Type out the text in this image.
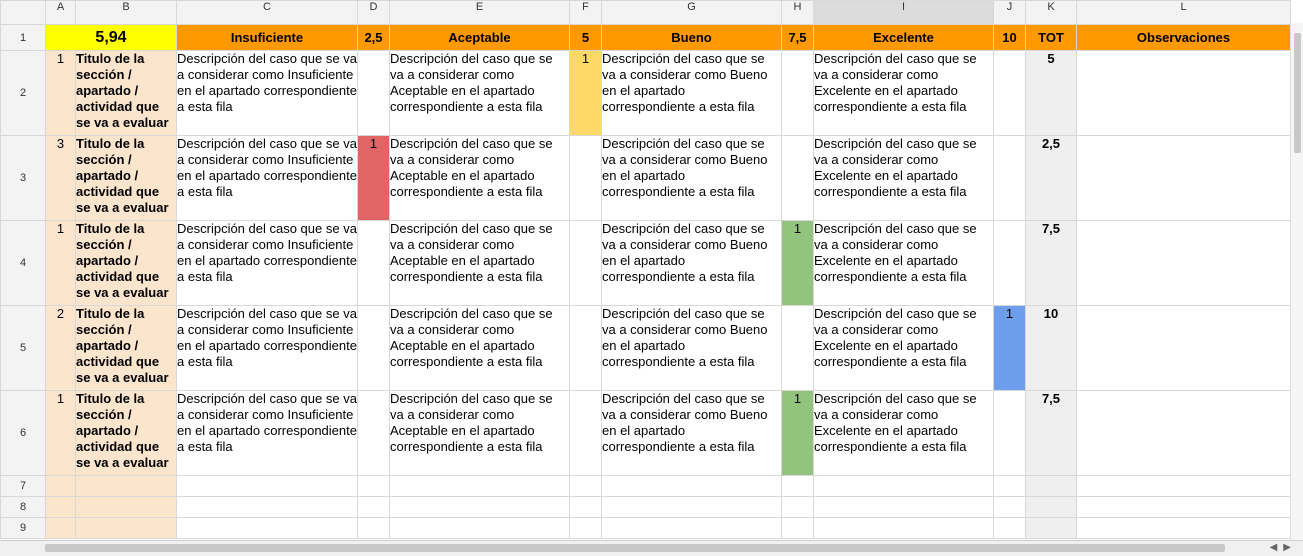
	A	B	C	D	E	F	G	H	I	J	K	L
1	5,94		Insuficiente	2,5	Aceptable	5	Bueno	7,5	Excelente	10	TOT	Observaciones
2	1	Titulo de la sección / apartado / actividad que se va a evaluar	Descripción del caso que se va a considerar como Insuficiente en el apartado correspondiente a esta fila		Descripción del caso que se va a considerar como Aceptable en el apartado correspondiente a esta fila	1	Descripción del caso que se va a considerar como Bueno en el apartado correspondiente a esta fila		Descripción del caso que se va a considerar como Excelente en el apartado correspondiente a esta fila		5	
3	3	Titulo de la sección / apartado / actividad que se va a evaluar	Descripción del caso que se va a considerar como Insuficiente en el apartado correspondiente a esta fila	1	Descripción del caso que se va a considerar como Aceptable en el apartado correspondiente a esta fila		Descripción del caso que se va a considerar como Bueno en el apartado correspondiente a esta fila		Descripción del caso que se va a considerar como Excelente en el apartado correspondiente a esta fila		2,5	
4	1	Titulo de la sección / apartado / actividad que se va a evaluar	Descripción del caso que se va a considerar como Insuficiente en el apartado correspondiente a esta fila		Descripción del caso que se va a considerar como Aceptable en el apartado correspondiente a esta fila		Descripción del caso que se va a considerar como Bueno en el apartado correspondiente a esta fila	1	Descripción del caso que se va a considerar como Excelente en el apartado correspondiente a esta fila		7,5	
5	2	Titulo de la sección / apartado / actividad que se va a evaluar	Descripción del caso que se va a considerar como Insuficiente en el apartado correspondiente a esta fila		Descripción del caso que se va a considerar como Aceptable en el apartado correspondiente a esta fila		Descripción del caso que se va a considerar como Bueno en el apartado correspondiente a esta fila		Descripción del caso que se va a considerar como Excelente en el apartado correspondiente a esta fila	1	10	
6	1	Titulo de la sección / apartado / actividad que se va a evaluar	Descripción del caso que se va a considerar como Insuficiente en el apartado correspondiente a esta fila		Descripción del caso que se va a considerar como Aceptable en el apartado correspondiente a esta fila		Descripción del caso que se va a considerar como Bueno en el apartado correspondiente a esta fila	1	Descripción del caso que se va a considerar como Excelente en el apartado correspondiente a esta fila		7,5	
7												
8												
9												
◀▶
